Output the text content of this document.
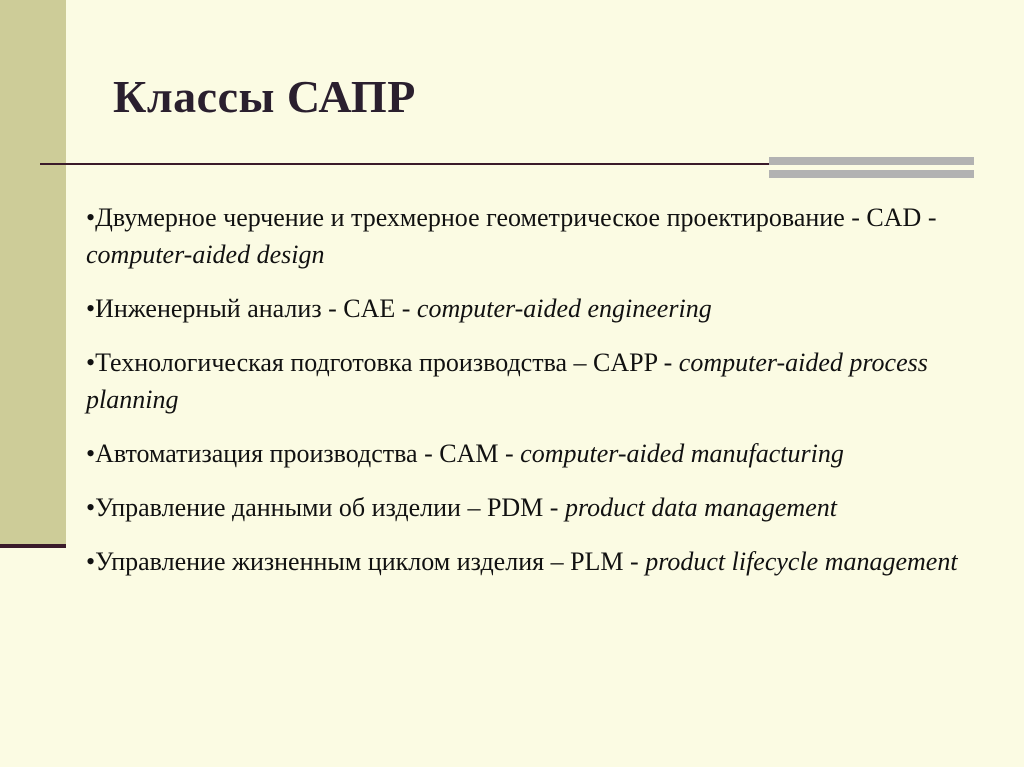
Классы САПР
•Двумерное черчение и трехмерное геометрическое проектирование - CAD - computer-aided design
•Инженерный анализ - CAE - computer-aided engineering
•Технологическая подготовка производства – CAPP - computer-aided process planning
•Автоматизация производства - CAM - computer-aided manufacturing
•Управление данными об изделии – PDM - product data management
•Управление жизненным циклом изделия – PLM - product lifecycle management
